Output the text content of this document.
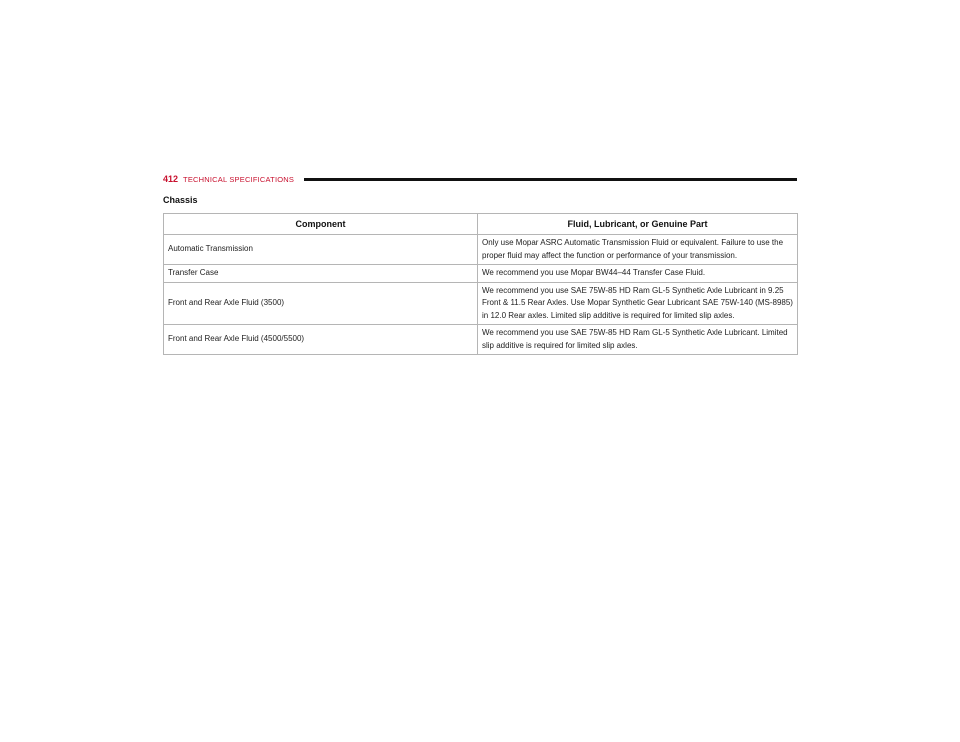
412 TECHNICAL SPECIFICATIONS
Chassis
Component	Fluid, Lubricant, or Genuine Part
Automatic Transmission	Only use Mopar ASRC Automatic Transmission Fluid or equivalent. Failure to use the proper fluid may affect the function or performance of your transmission.
Transfer Case	We recommend you use Mopar BW44–44 Transfer Case Fluid.
Front and Rear Axle Fluid (3500)	We recommend you use SAE 75W-85 HD Ram GL-5 Synthetic Axle Lubricant in 9.25 Front & 11.5 Rear Axles. Use Mopar Synthetic Gear Lubricant SAE 75W-140 (MS-8985) in 12.0 Rear axles. Limited slip additive is required for limited slip axles.
Front and Rear Axle Fluid (4500/5500)	We recommend you use SAE 75W-85 HD Ram GL-5 Synthetic Axle Lubricant. Limited slip additive is required for limited slip axles.
